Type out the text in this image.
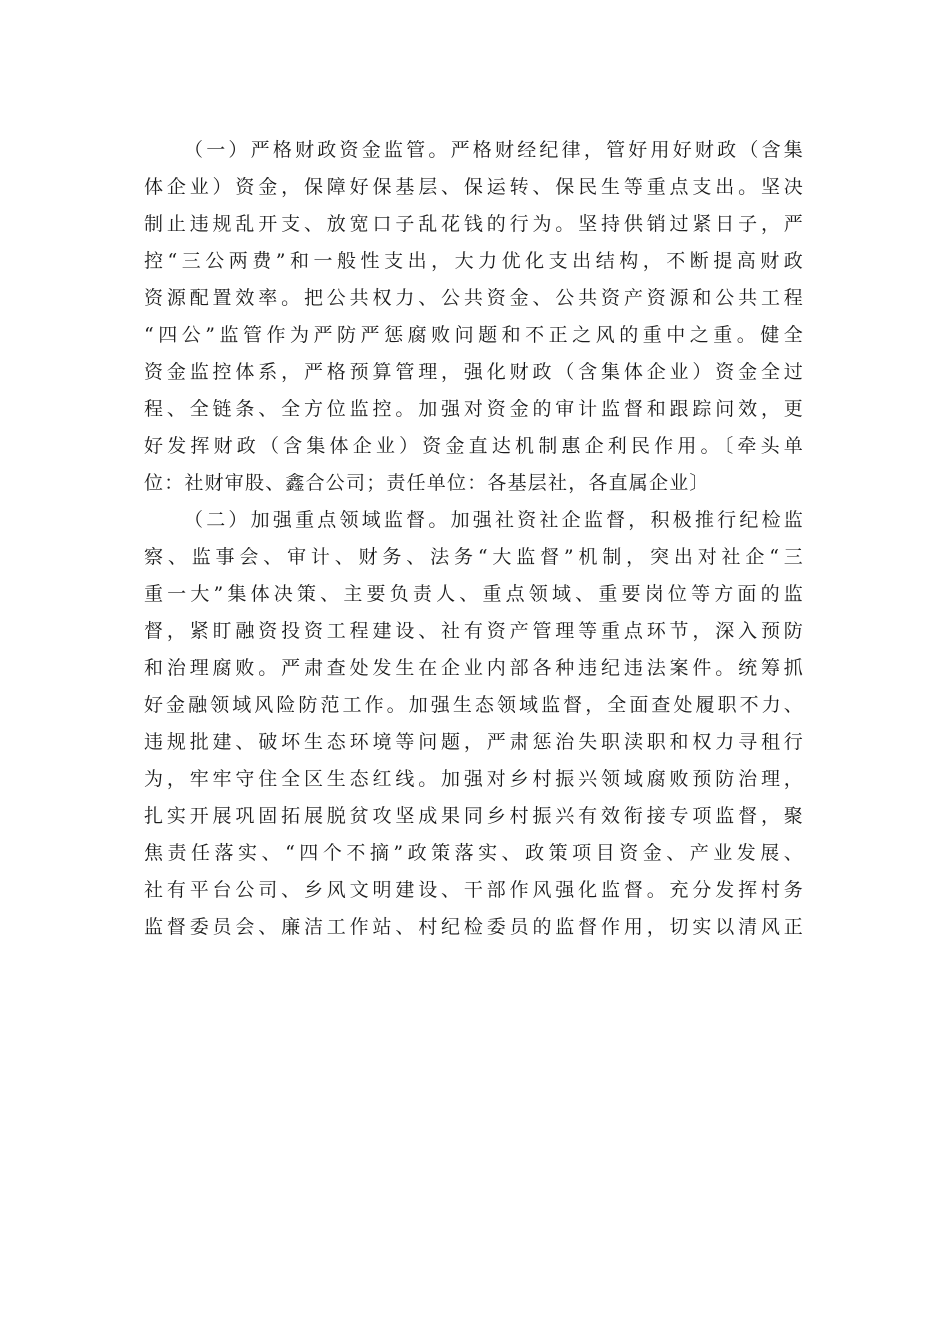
（一）严格财政资金监管。严格财经纪律，管好用好财政（含集
体企业）资金，保障好保基层、保运转、保民生等重点支出。坚决
制止违规乱开支、放宽口子乱花钱的行为。坚持供销过紧日子，严
控“三公两费”和一般性支出，大力优化支出结构，不断提高财政
资源配置效率。把公共权力、公共资金、公共资产资源和公共工程
“四公”监管作为严防严惩腐败问题和不正之风的重中之重。健全
资金监控体系，严格预算管理，强化财政（含集体企业）资金全过
程、全链条、全方位监控。加强对资金的审计监督和跟踪问效，更
好发挥财政（含集体企业）资金直达机制惠企利民作用。〔牵头单
位：社财审股、鑫合公司；责任单位：各基层社，各直属企业〕
（二）加强重点领域监督。加强社资社企监督，积极推行纪检监
察、监事会、审计、财务、法务“大监督”机制，突出对社企“三
重一大”集体决策、主要负责人、重点领域、重要岗位等方面的监
督，紧盯融资投资工程建设、社有资产管理等重点环节，深入预防
和治理腐败。严肃查处发生在企业内部各种违纪违法案件。统筹抓
好金融领域风险防范工作。加强生态领域监督，全面查处履职不力、
违规批建、破坏生态环境等问题，严肃惩治失职渎职和权力寻租行
为，牢牢守住全区生态红线。加强对乡村振兴领域腐败预防治理，
扎实开展巩固拓展脱贫攻坚成果同乡村振兴有效衔接专项监督，聚
焦责任落实、“四个不摘”政策落实、政策项目资金、产业发展、
社有平台公司、乡风文明建设、干部作风强化监督。充分发挥村务
监督委员会、廉洁工作站、村纪检委员的监督作用，切实以清风正
